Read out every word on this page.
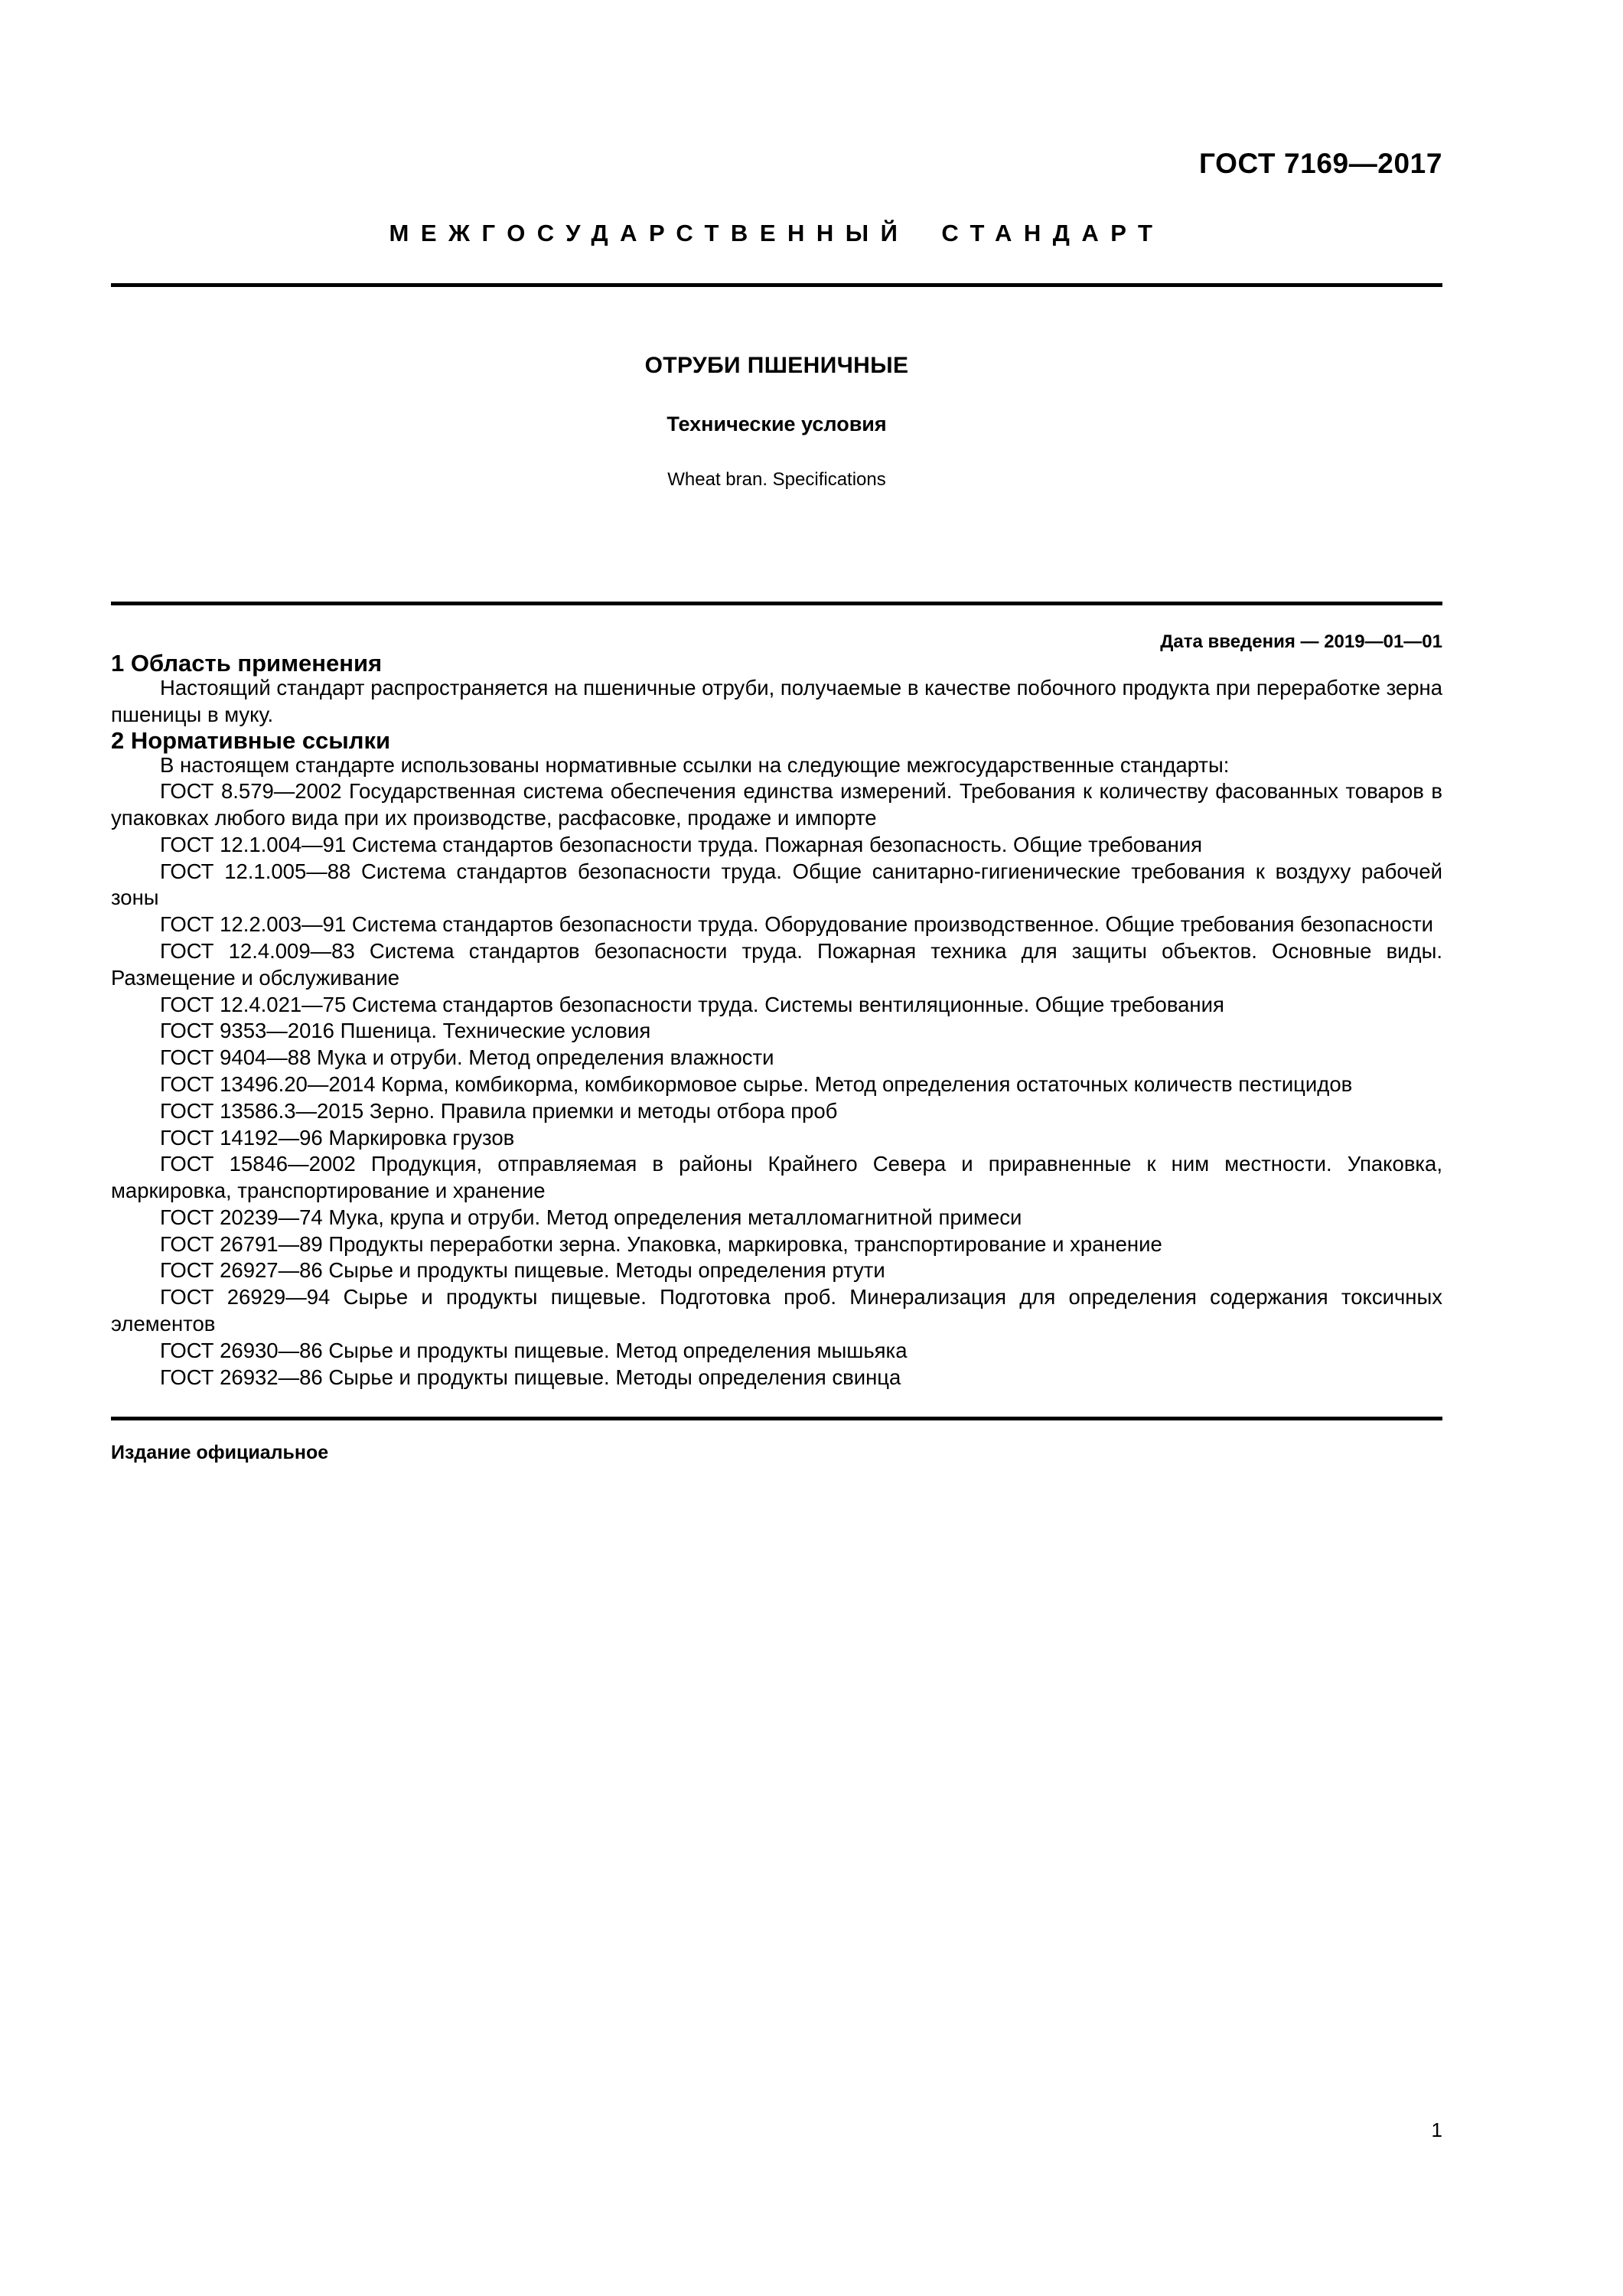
ГОСТ 7169—2017
МЕЖГОСУДАРСТВЕННЫЙ СТАНДАРТ
ОТРУБИ ПШЕНИЧНЫЕ
Технические условия
Wheat bran. Specifications
Дата введения — 2019—01—01
1 Область применения

Настоящий стандарт распространяется на пшеничные отруби, получаемые в качестве побочного продукта при переработке зерна пшеницы в муку.

2 Нормативные ссылки

В настоящем стандарте использованы нормативные ссылки на следующие межгосударственные стандарты:

ГОСТ 8.579—2002 Государственная система обеспечения единства измерений. Требования к количеству фасованных товаров в упаковках любого вида при их производстве, расфасовке, продаже и импорте

ГОСТ 12.1.004—91 Система стандартов безопасности труда. Пожарная безопасность. Общие требования

ГОСТ 12.1.005—88 Система стандартов безопасности труда. Общие санитарно-гигиенические требования к воздуху рабочей зоны

ГОСТ 12.2.003—91 Система стандартов безопасности труда. Оборудование производственное. Общие требования безопасности

ГОСТ 12.4.009—83 Система стандартов безопасности труда. Пожарная техника для защиты объектов. Основные виды. Размещение и обслуживание

ГОСТ 12.4.021—75 Система стандартов безопасности труда. Системы вентиляционные. Общие требования

ГОСТ 9353—2016 Пшеница. Технические условия

ГОСТ 9404—88 Мука и отруби. Метод определения влажности

ГОСТ 13496.20—2014 Корма, комбикорма, комбикормовое сырье. Метод определения остаточных количеств пестицидов

ГОСТ 13586.3—2015 Зерно. Правила приемки и методы отбора проб

ГОСТ 14192—96 Маркировка грузов

ГОСТ 15846—2002 Продукция, отправляемая в районы Крайнего Севера и приравненные к ним местности. Упаковка, маркировка, транспортирование и хранение

ГОСТ 20239—74 Мука, крупа и отруби. Метод определения металломагнитной примеси

ГОСТ 26791—89 Продукты переработки зерна. Упаковка, маркировка, транспортирование и хранение

ГОСТ 26927—86 Сырье и продукты пищевые. Методы определения ртути

ГОСТ 26929—94 Сырье и продукты пищевые. Подготовка проб. Минерализация для определения содержания токсичных элементов

ГОСТ 26930—86 Сырье и продукты пищевые. Метод определения мышьяка

ГОСТ 26932—86 Сырье и продукты пищевые. Методы определения свинца

Издание официальное
1
